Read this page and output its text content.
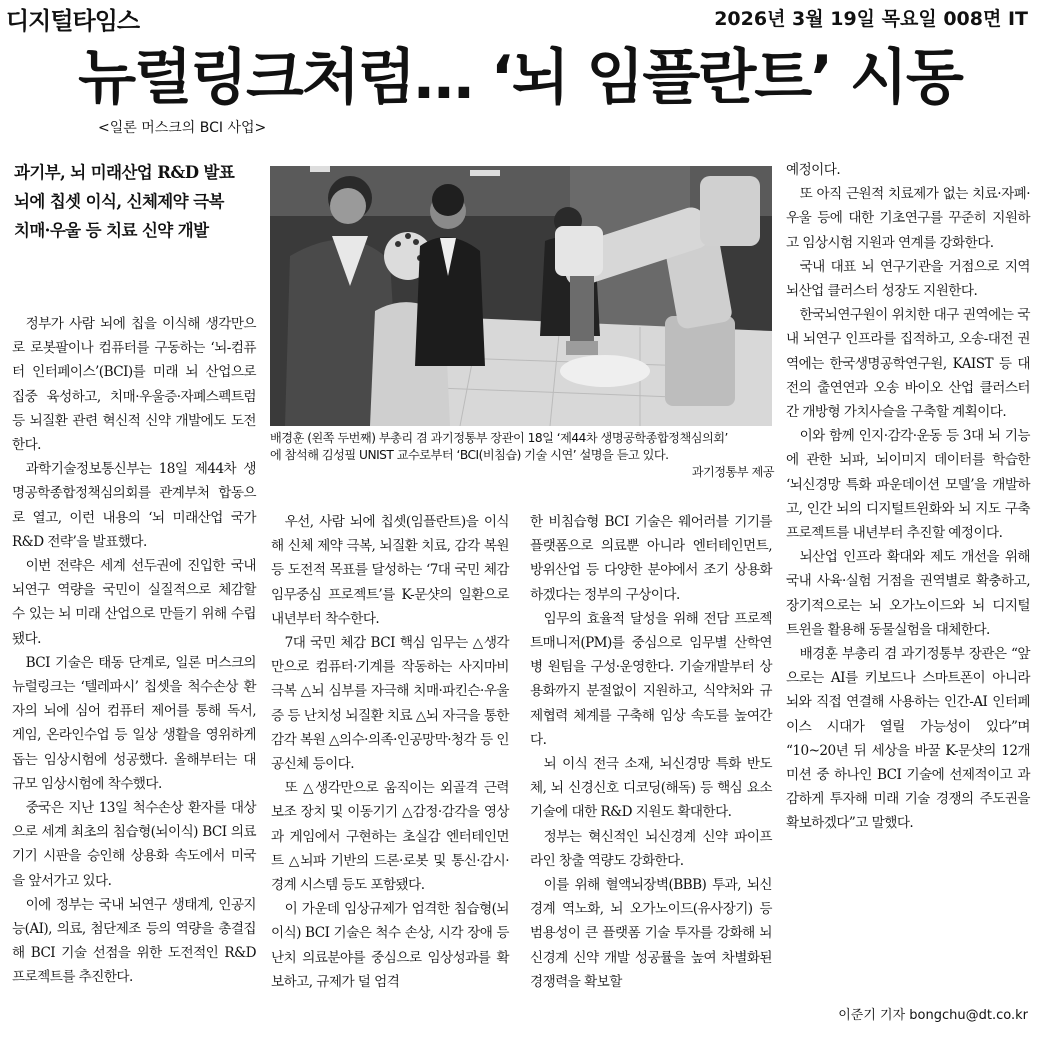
디지털타임스	2026년 3월 19일 목요일 008면 IT
뉴럴링크처럼… ‘뇌 임플란트’ 시동
<일론 머스크의 BCI 사업>
과기부, 뇌 미래산업 R&D 발표
뇌에 칩셋 이식, 신체제약 극복
치매·우울 등 치료 신약 개발

정부가 사람 뇌에 칩을 이식해 생각만으로 로봇팔이나 컴퓨터를 구동하는 ‘뇌-컴퓨터 인터페이스’(BCI)를 미래 뇌 산업으로 집중 육성하고, 치매·우울증·자폐스펙트럼 등 뇌질환 관련 혁신적 신약 개발에도 도전한다.

과학기술정보통신부는 18일 제44차 생명공학종합정책심의회를 관계부처 합동으로 열고, 이런 내용의 ‘뇌 미래산업 국가 R&D 전략’을 발표했다.

이번 전략은 세계 선두권에 진입한 국내 뇌연구 역량을 국민이 실질적으로 체감할 수 있는 뇌 미래 산업으로 만들기 위해 수립됐다.

BCI 기술은 태동 단계로, 일론 머스크의 뉴럴링크는 ‘텔레파시’ 칩셋을 척수손상 환자의 뇌에 심어 컴퓨터 제어를 통해 독서, 게임, 온라인수업 등 일상 생활을 영위하게 돕는 임상시험에 성공했다. 올해부터는 대규모 임상시험에 착수했다.

중국은 지난 13일 척수손상 환자를 대상으로 세계 최초의 침습형(뇌이식) BCI 의료기기 시판을 승인해 상용화 속도에서 미국을 앞서가고 있다.

이에 정부는 국내 뇌연구 생태계, 인공지능(AI), 의료, 첨단제조 등의 역량을 총결집해 BCI 기술 선점을 위한 도전적인 R&D 프로젝트를 추진한다.

배경훈 (왼쪽 두번째) 부총리 겸 과기정통부 장관이 18일 ‘제44차 생명공학종합정책심의회’
에 참석해 김성필 UNIST 교수로부터 ‘BCI(비침습) 기술 시연’ 설명을 듣고 있다.
과기정통부 제공

우선, 사람 뇌에 칩셋(임플란트)을 이식해 신체 제약 극복, 뇌질환 치료, 감각 복원 등 도전적 목표를 달성하는 ‘7대 국민 체감 임무중심 프로젝트’를 K-문샷의 일환으로 내년부터 착수한다.

7대 국민 체감 BCI 핵심 임무는 △생각만으로 컴퓨터·기계를 작동하는 사지마비 극복 △뇌 심부를 자극해 치매·파킨슨·우울증 등 난치성 뇌질환 치료 △뇌 자극을 통한 감각 복원 △의수·의족·인공망막·청각 등 인공신체 등이다.

또 △생각만으로 움직이는 외골격 근력보조 장치 및 이동기기 △감정·감각을 영상과 게임에서 구현하는 초실감 엔터테인먼트 △뇌파 기반의 드론·로봇 및 통신·감시·경계 시스템 등도 포함됐다.

이 가운데 임상규제가 엄격한 침습형(뇌이식) BCI 기술은 척수 손상, 시각 장애 등 난치 의료분야를 중심으로 임상성과를 확보하고, 규제가 덜 엄격

한 비침습형 BCI 기술은 웨어러블 기기를 플랫폼으로 의료뿐 아니라 엔터테인먼트, 방위산업 등 다양한 분야에서 조기 상용화하겠다는 정부의 구상이다.

임무의 효율적 달성을 위해 전담 프로젝트매니저(PM)를 중심으로 임무별 산학연병 원팀을 구성·운영한다. 기술개발부터 상용화까지 분절없이 지원하고, 식약처와 규제협력 체계를 구축해 임상 속도를 높여간다.

뇌 이식 전극 소재, 뇌신경망 특화 반도체, 뇌 신경신호 디코딩(해독) 등 핵심 요소기술에 대한 R&D 지원도 확대한다.

정부는 혁신적인 뇌신경계 신약 파이프라인 창출 역량도 강화한다.

이를 위해 혈액뇌장벽(BBB) 투과, 뇌신경계 역노화, 뇌 오가노이드(유사장기) 등 범용성이 큰 플랫폼 기술 투자를 강화해 뇌신경계 신약 개발 성공률을 높여 차별화된 경쟁력을 확보할

예정이다.

또 아직 근원적 치료제가 없는 치료·자폐·우울 등에 대한 기초연구를 꾸준히 지원하고 임상시험 지원과 연계를 강화한다.

국내 대표 뇌 연구기관을 거점으로 지역 뇌산업 클러스터 성장도 지원한다.

한국뇌연구원이 위치한 대구 권역에는 국내 뇌연구 인프라를 집적하고, 오송-대전 권역에는 한국생명공학연구원, KAIST 등 대전의 출연연과 오송 바이오 산업 클러스터 간 개방형 가치사슬을 구축할 계획이다.

이와 함께 인지·감각·운동 등 3대 뇌 기능에 관한 뇌파, 뇌이미지 데이터를 학습한 ‘뇌신경망 특화 파운데이션 모델’을 개발하고, 인간 뇌의 디지털트윈화와 뇌 지도 구축 프로젝트를 내년부터 추진할 예정이다.

뇌산업 인프라 확대와 제도 개선을 위해 국내 사육·실험 거점을 권역별로 확충하고, 장기적으로는 뇌 오가노이드와 뇌 디지털 트윈을 활용해 동물실험을 대체한다.

배경훈 부총리 겸 과기정통부 장관은 “앞으로는 AI를 키보드나 스마트폰이 아니라 뇌와 직접 연결해 사용하는 인간-AI 인터페이스 시대가 열릴 가능성이 있다”며 “10~20년 뒤 세상을 바꿀 K-문샷의 12개 미션 중 하나인 BCI 기술에 선제적이고 과감하게 투자해 미래 기술 경쟁의 주도권을 확보하겠다”고 말했다.

이준기 기자 bongchu@dt.co.kr
